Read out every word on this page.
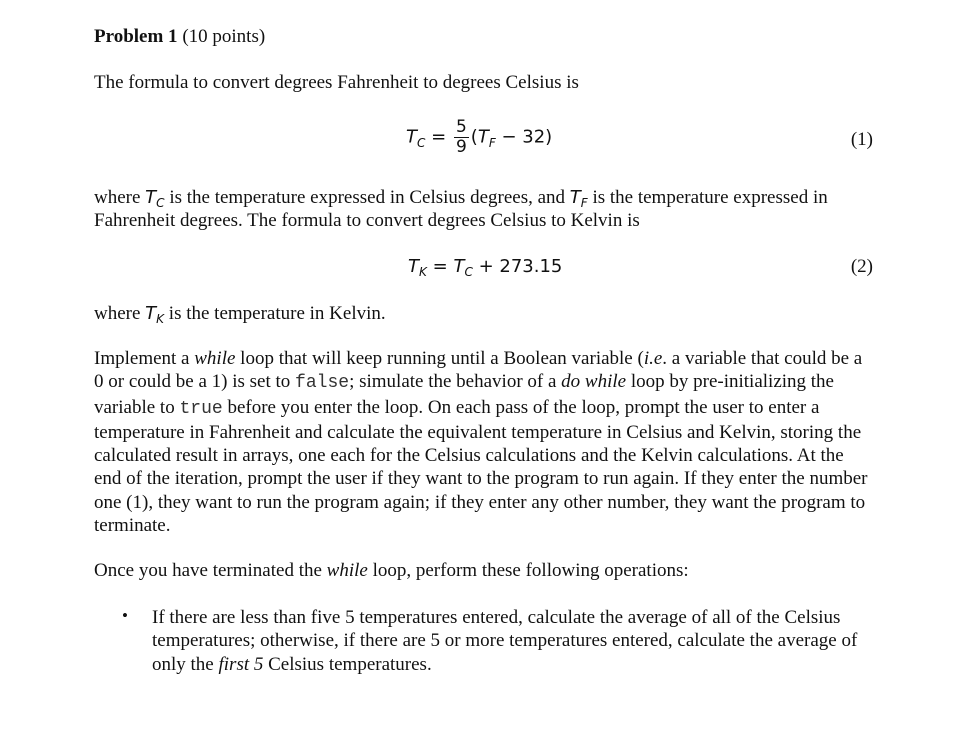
Problem 1 (10 points)
The formula to convert degrees Fahrenheit to degrees Celsius is
$T_C = \frac{5}{9} (T_F - 32)$	(1)
where $T_C$ is the temperature expressed in Celsius degrees, and $T_F$ is the temperature expressed in
Fahrenheit degrees. The formula to convert degrees Celsius to Kelvin is
$T_K = T_C + 273.15$	(2)
where $T_K$ is the temperature in Kelvin.
Implement a while loop that will keep running until a Boolean variable (i.e. a variable that could be a 0 or could be a 1) is set to false; simulate the behavior of a do while loop by pre-initializing the variable to true before you enter the loop. On each pass of the loop, prompt the user to enter a temperature in Fahrenheit and calculate the equivalent temperature in Celsius and Kelvin, storing the calculated result in arrays, one each for the Celsius calculations and the Kelvin calculations. At the end of the iteration, prompt the user if they want to the program to run again. If they enter the number one (1), they want to run the program again; if they enter any other number, they want the program to terminate.
Once you have terminated the while loop, perform these following operations:
• If there are less than five 5 temperatures entered, calculate the average of all of the Celsius temperatures; otherwise, if there are 5 or more temperatures entered, calculate the average of only the first 5 Celsius temperatures.
